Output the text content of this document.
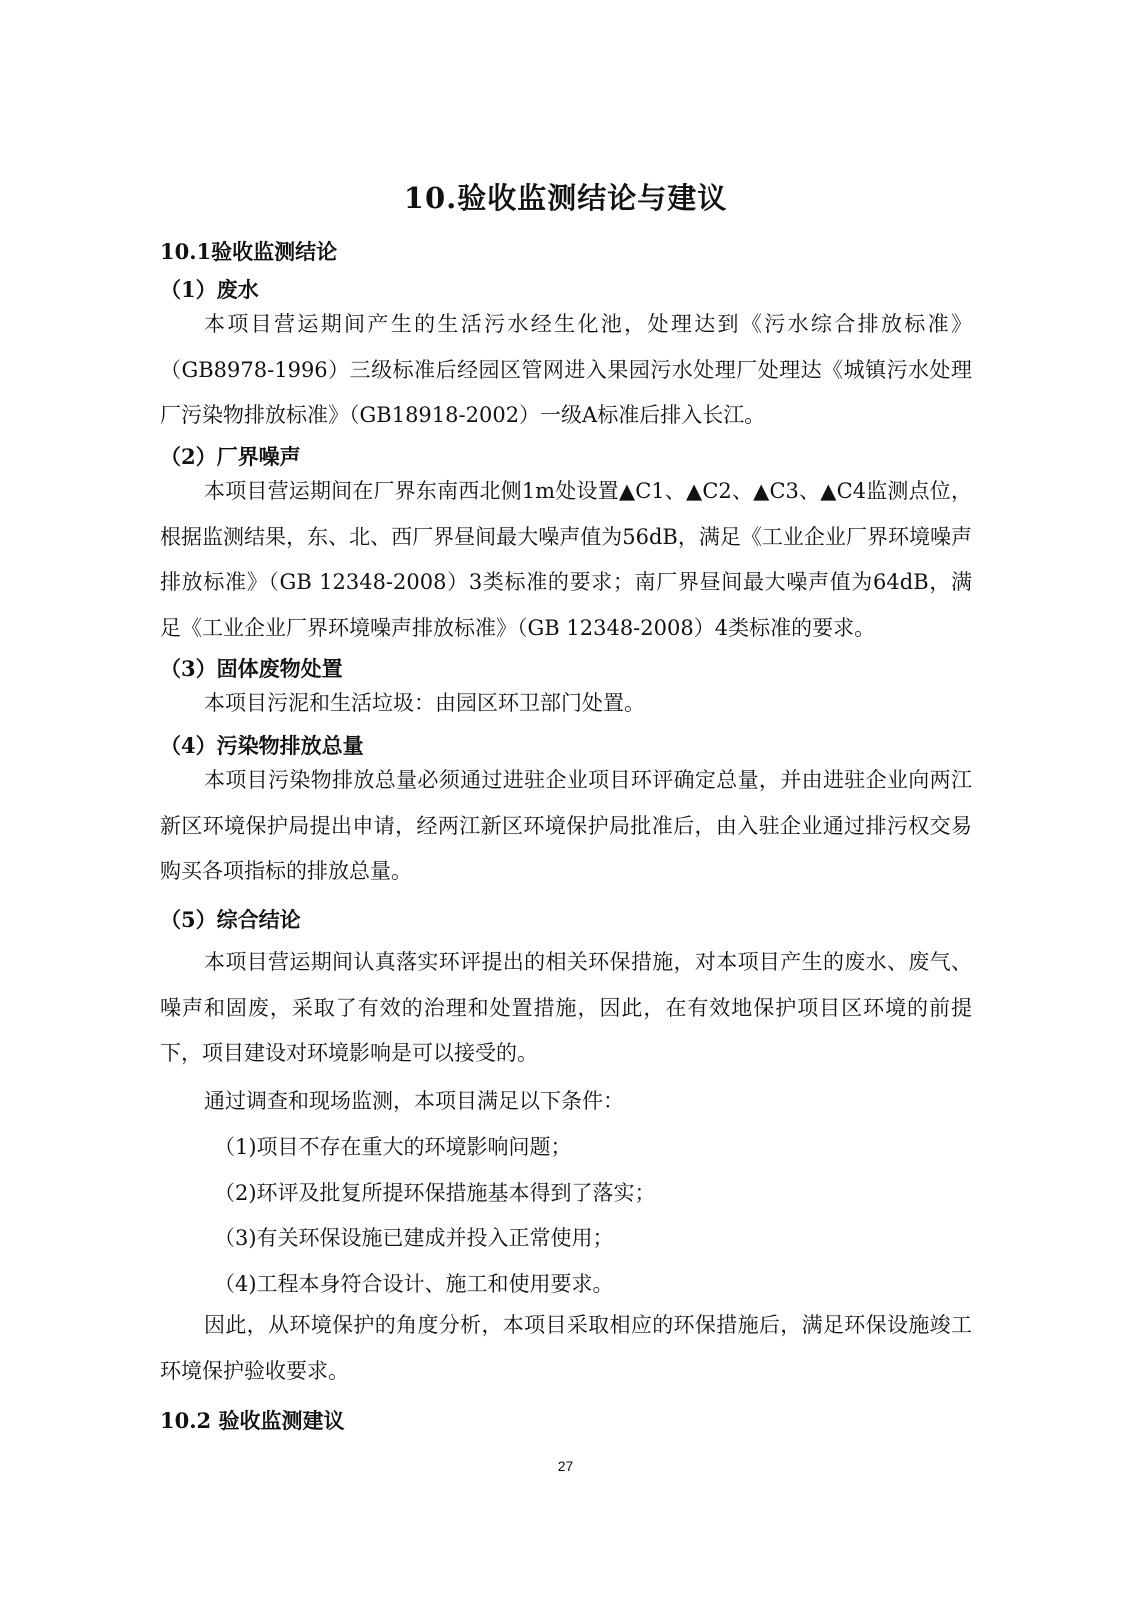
10.验收监测结论与建议
10.1验收监测结论
（1）废水

本项目营运期间产生的生活污水经生化池，处理达到《污水综合排放标准》（GB8978-1996）三级标准后经园区管网进入果园污水处理厂处理达《城镇污水处理厂污染物排放标准》（GB18918-2002）一级A标准后排入长江。

（2）厂界噪声

本项目营运期间在厂界东南西北侧1m处设置▲C1、▲C2、▲C3、▲C4监测点位，根据监测结果，东、北、西厂界昼间最大噪声值为56dB，满足《工业企业厂界环境噪声排放标准》（GB 12348-2008）3类标准的要求；南厂界昼间最大噪声值为64dB，满足《工业企业厂界环境噪声排放标准》（GB 12348-2008）4类标准的要求。

（3）固体废物处置

本项目污泥和生活垃圾：由园区环卫部门处置。

（4）污染物排放总量

本项目污染物排放总量必须通过进驻企业项目环评确定总量，并由进驻企业向两江新区环境保护局提出申请，经两江新区环境保护局批准后，由入驻企业通过排污权交易购买各项指标的排放总量。

（5）综合结论

本项目营运期间认真落实环评提出的相关环保措施，对本项目产生的废水、废气、噪声和固废，采取了有效的治理和处置措施，因此，在有效地保护项目区环境的前提下，项目建设对环境影响是可以接受的。

通过调查和现场监测，本项目满足以下条件：
（1)项目不存在重大的环境影响问题；
（2)环评及批复所提环保措施基本得到了落实；
（3)有关环保设施已建成并投入正常使用；
（4)工程本身符合设计、施工和使用要求。

因此，从环境保护的角度分析，本项目采取相应的环保措施后，满足环保设施竣工环境保护验收要求。

10.2 验收监测建议
27
